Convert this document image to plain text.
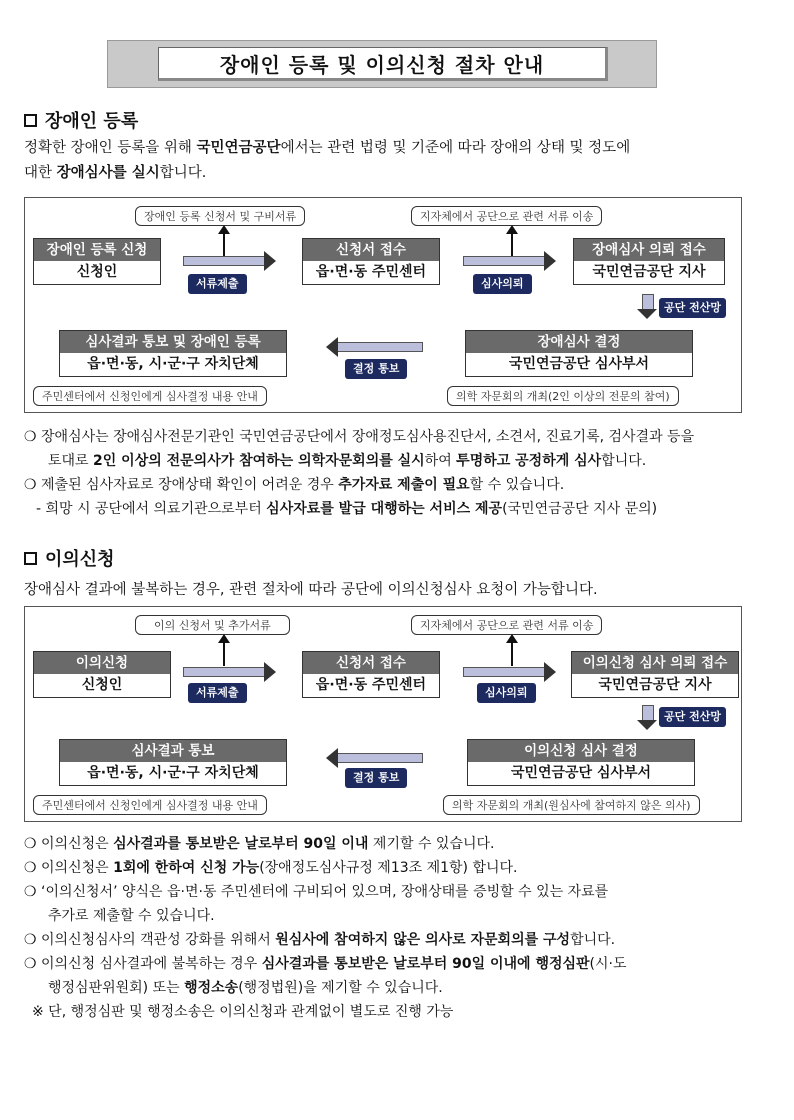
장애인 등록 및 이의신청 절차 안내
장애인 등록
정확한 장애인 등록을 위해 국민연금공단에서는 관련 법령 및 기준에 따라 장애의 상태 및 정도에
대한 장애심사를 실시합니다.
장애인 등록 신청서 및 구비서류	지자체에서 공단으로 관련 서류 이송
장애인 등록 신청
신청인
서류제출
신청서 접수
읍·면·동 주민센터
심사의뢰
장애심사 의뢰 접수
국민연금공단 지사
공단 전산망
장애심사 결정
국민연금공단 심사부서
결정 통보
심사결과 통보 및 장애인 등록
읍·면·동, 시·군·구 자치단체
주민센터에서 신청인에게 심사결정 내용 안내	의학 자문회의 개최(2인 이상의 전문의 참여)
❍ 장애심사는 장애심사전문기관인 국민연금공단에서 장애정도심사용진단서, 소견서, 진료기록, 검사결과 등을
토대로 2인 이상의 전문의사가 참여하는 의학자문회의를 실시하여 투명하고 공정하게 심사합니다.
❍ 제출된 심사자료로 장애상태 확인이 어려운 경우 추가자료 제출이 필요할 수 있습니다.
- 희망 시 공단에서 의료기관으로부터 심사자료를 발급 대행하는 서비스 제공(국민연금공단 지사 문의)
이의신청
장애심사 결과에 불복하는 경우, 관련 절차에 따라 공단에 이의신청심사 요청이 가능합니다.
이의 신청서 및 추가서류	지자체에서 공단으로 관련 서류 이송
이의신청
신청인	서류제출
신청서 접수
읍·면·동 주민센터	심사의뢰
이의신청 심사 의뢰 접수
국민연금공단 지사
공단 전산망
이의신청 심사 결정
국민연금공단 심사부서
결정 통보
심사결과 통보
읍·면·동, 시·군·구 자치단체
주민센터에서 신청인에게 심사결정 내용 안내	의학 자문회의 개최(원심사에 참여하지 않은 의사)
❍ 이의신청은 심사결과를 통보받은 날로부터 90일 이내 제기할 수 있습니다.
❍ 이의신청은 1회에 한하여 신청 가능(장애정도심사규정 제13조 제1항) 합니다.
❍ ‘이의신청서’ 양식은 읍·면·동 주민센터에 구비되어 있으며, 장애상태를 증빙할 수 있는 자료를
추가로 제출할 수 있습니다.
❍ 이의신청심사의 객관성 강화를 위해서 원심사에 참여하지 않은 의사로 자문회의를 구성합니다.
❍ 이의신청 심사결과에 불복하는 경우 심사결과를 통보받은 날로부터 90일 이내에 행정심판(시·도
행정심판위원회) 또는 행정소송(행정법원)을 제기할 수 있습니다.
※ 단, 행정심판 및 행정소송은 이의신청과 관계없이 별도로 진행 가능
